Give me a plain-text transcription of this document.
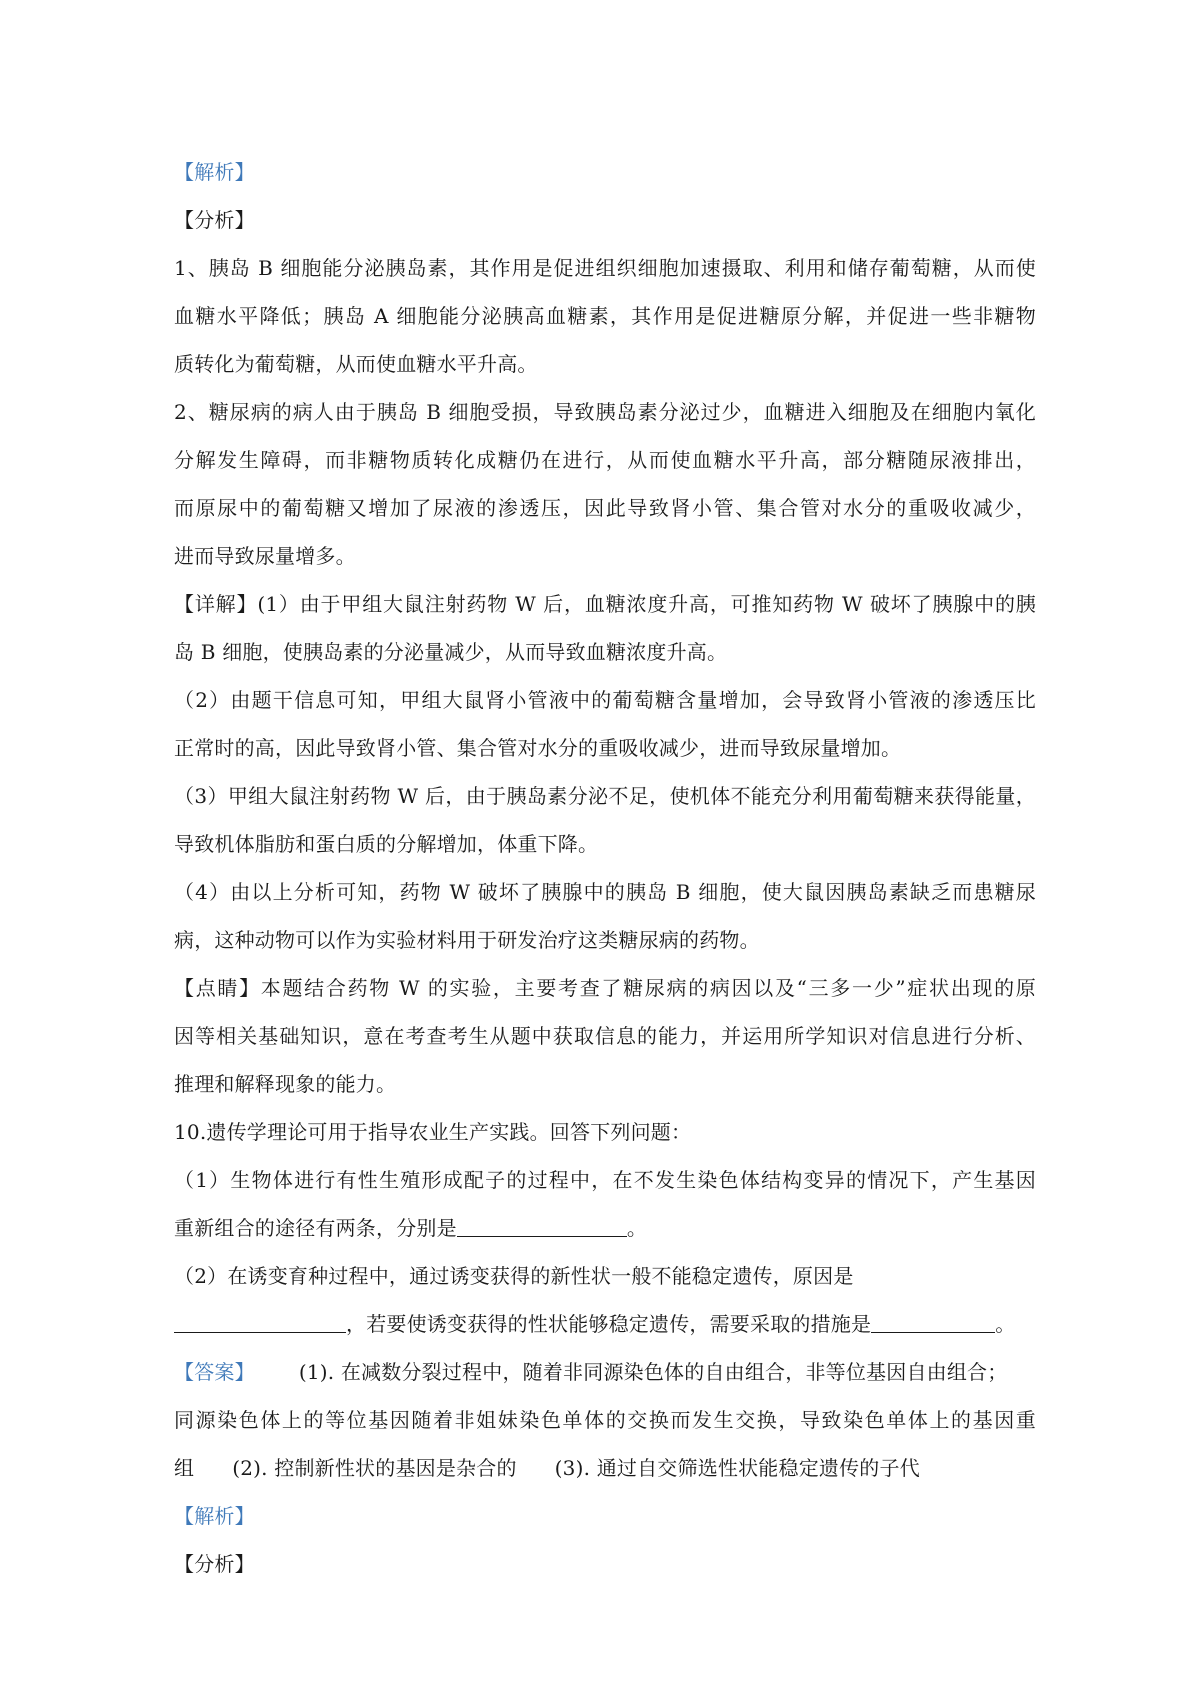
【解析】
【分析】
1、胰岛 B 细胞能分泌胰岛素，其作用是促进组织细胞加速摄取、利用和储存葡萄糖，从而使
血糖水平降低；胰岛 A 细胞能分泌胰高血糖素，其作用是促进糖原分解，并促进一些非糖物
质转化为葡萄糖，从而使血糖水平升高。
2、糖尿病的病人由于胰岛 B 细胞受损，导致胰岛素分泌过少，血糖进入细胞及在细胞内氧化
分解发生障碍，而非糖物质转化成糖仍在进行，从而使血糖水平升高，部分糖随尿液排出，
而原尿中的葡萄糖又增加了尿液的渗透压，因此导致肾小管、集合管对水分的重吸收减少，
进而导致尿量增多。
【详解】(1）由于甲组大鼠注射药物 W 后，血糖浓度升高，可推知药物 W 破坏了胰腺中的胰
岛 B 细胞，使胰岛素的分泌量减少，从而导致血糖浓度升高。
（2）由题干信息可知，甲组大鼠肾小管液中的葡萄糖含量增加，会导致肾小管液的渗透压比
正常时的高，因此导致肾小管、集合管对水分的重吸收减少，进而导致尿量增加。
（3）甲组大鼠注射药物 W 后，由于胰岛素分泌不足，使机体不能充分利用葡萄糖来获得能量，
导致机体脂肪和蛋白质的分解增加，体重下降。
（4）由以上分析可知，药物 W 破坏了胰腺中的胰岛 B 细胞，使大鼠因胰岛素缺乏而患糖尿
病，这种动物可以作为实验材料用于研发治疗这类糖尿病的药物。
【点睛】本题结合药物 W 的实验，主要考查了糖尿病的病因以及“三多一少”症状出现的原
因等相关基础知识，意在考查考生从题中获取信息的能力，并运用所学知识对信息进行分析、
推理和解释现象的能力。
10.遗传学理论可用于指导农业生产实践。回答下列问题：
（1）生物体进行有性生殖形成配子的过程中，在不发生染色体结构变异的情况下，产生基因
重新组合的途径有两条，分别是	。
（2）在诱变育种过程中，通过诱变获得的新性状一般不能稳定遗传，原因是
，若要使诱变获得的性状能够稳定遗传，需要采取的措施是	。
【答案】 (1). 在减数分裂过程中，随着非同源染色体的自由组合，非等位基因自由组合；
同源染色体上的等位基因随着非姐妹染色单体的交换而发生交换，导致染色单体上的基因重
组 (2). 控制新性状的基因是杂合的 (3). 通过自交筛选性状能稳定遗传的子代
【解析】
【分析】
